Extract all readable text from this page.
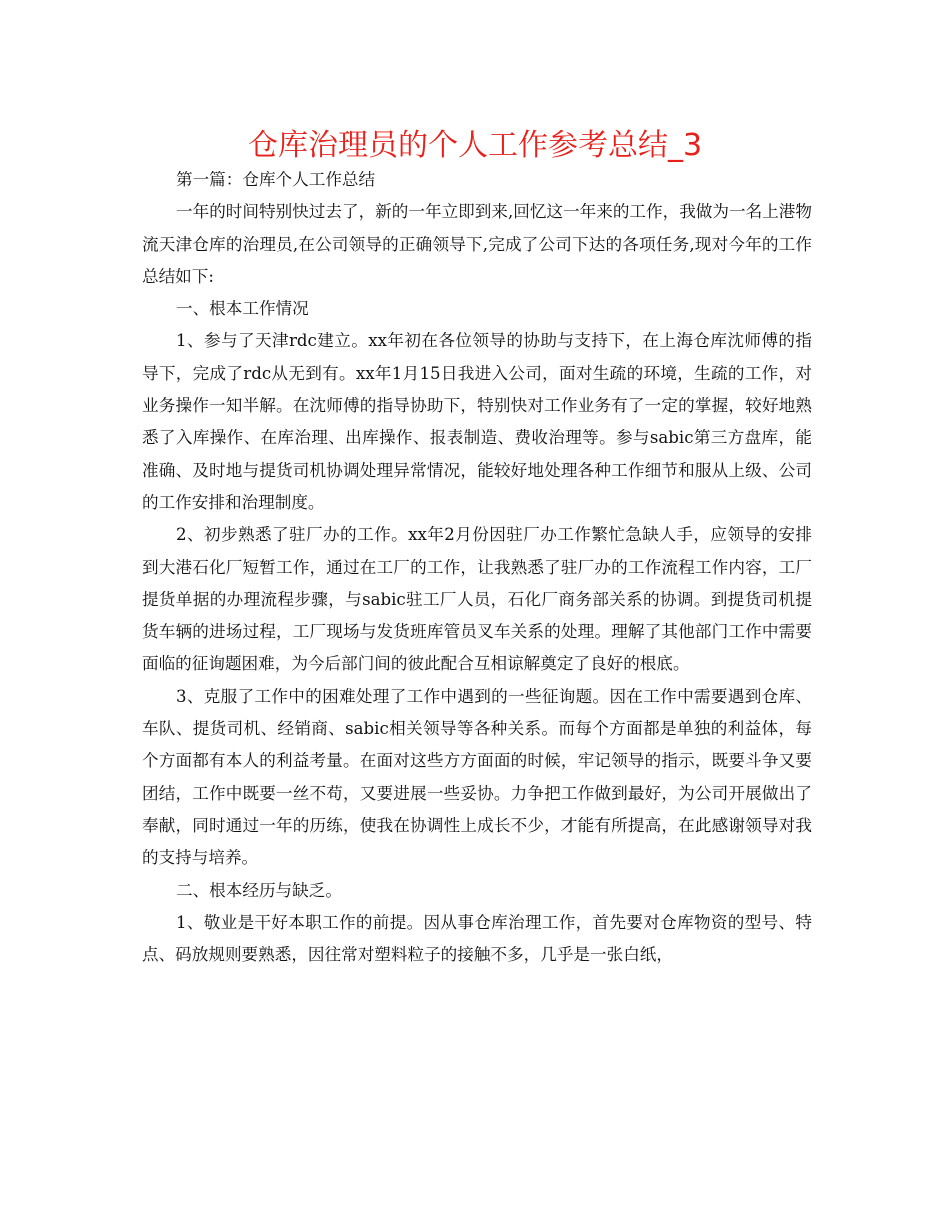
仓库治理员的个人工作参考总结_3

第一篇：仓库个人工作总结

一年的时间特别快过去了，新的一年立即到来,回忆这一年来的工作，我做为一名上港物流天津仓库的治理员,在公司领导的正确领导下,完成了公司下达的各项任务,现对今年的工作总结如下:

一、根本工作情况

1、参与了天津rdc建立。xx年初在各位领导的协助与支持下，在上海仓库沈师傅的指导下，完成了rdc从无到有。xx年1月15日我进入公司，面对生疏的环境，生疏的工作，对业务操作一知半解。在沈师傅的指导协助下，特别快对工作业务有了一定的掌握，较好地熟悉了入库操作、在库治理、出库操作、报表制造、费收治理等。参与sabic第三方盘库，能准确、及时地与提货司机协调处理异常情况，能较好地处理各种工作细节和服从上级、公司的工作安排和治理制度。

2、初步熟悉了驻厂办的工作。xx年2月份因驻厂办工作繁忙急缺人手，应领导的安排到大港石化厂短暂工作，通过在工厂的工作，让我熟悉了驻厂办的工作流程工作内容，工厂提货单据的办理流程步骤，与sabic驻工厂人员，石化厂商务部关系的协调。到提货司机提货车辆的进场过程，工厂现场与发货班库管员叉车关系的处理。理解了其他部门工作中需要面临的征询题困难，为今后部门间的彼此配合互相谅解奠定了良好的根底。

3、克服了工作中的困难处理了工作中遇到的一些征询题。因在工作中需要遇到仓库、车队、提货司机、经销商、sabic相关领导等各种关系。而每个方面都是单独的利益体，每个方面都有本人的利益考量。在面对这些方方面面的时候，牢记领导的指示，既要斗争又要团结，工作中既要一丝不苟，又要进展一些妥协。力争把工作做到最好，为公司开展做出了奉献，同时通过一年的历练，使我在协调性上成长不少，才能有所提高，在此感谢领导对我的支持与培养。

二、根本经历与缺乏。

1、敬业是干好本职工作的前提。因从事仓库治理工作，首先要对仓库物资的型号、特点、码放规则要熟悉，因往常对塑料粒子的接触不多，几乎是一张白纸，
